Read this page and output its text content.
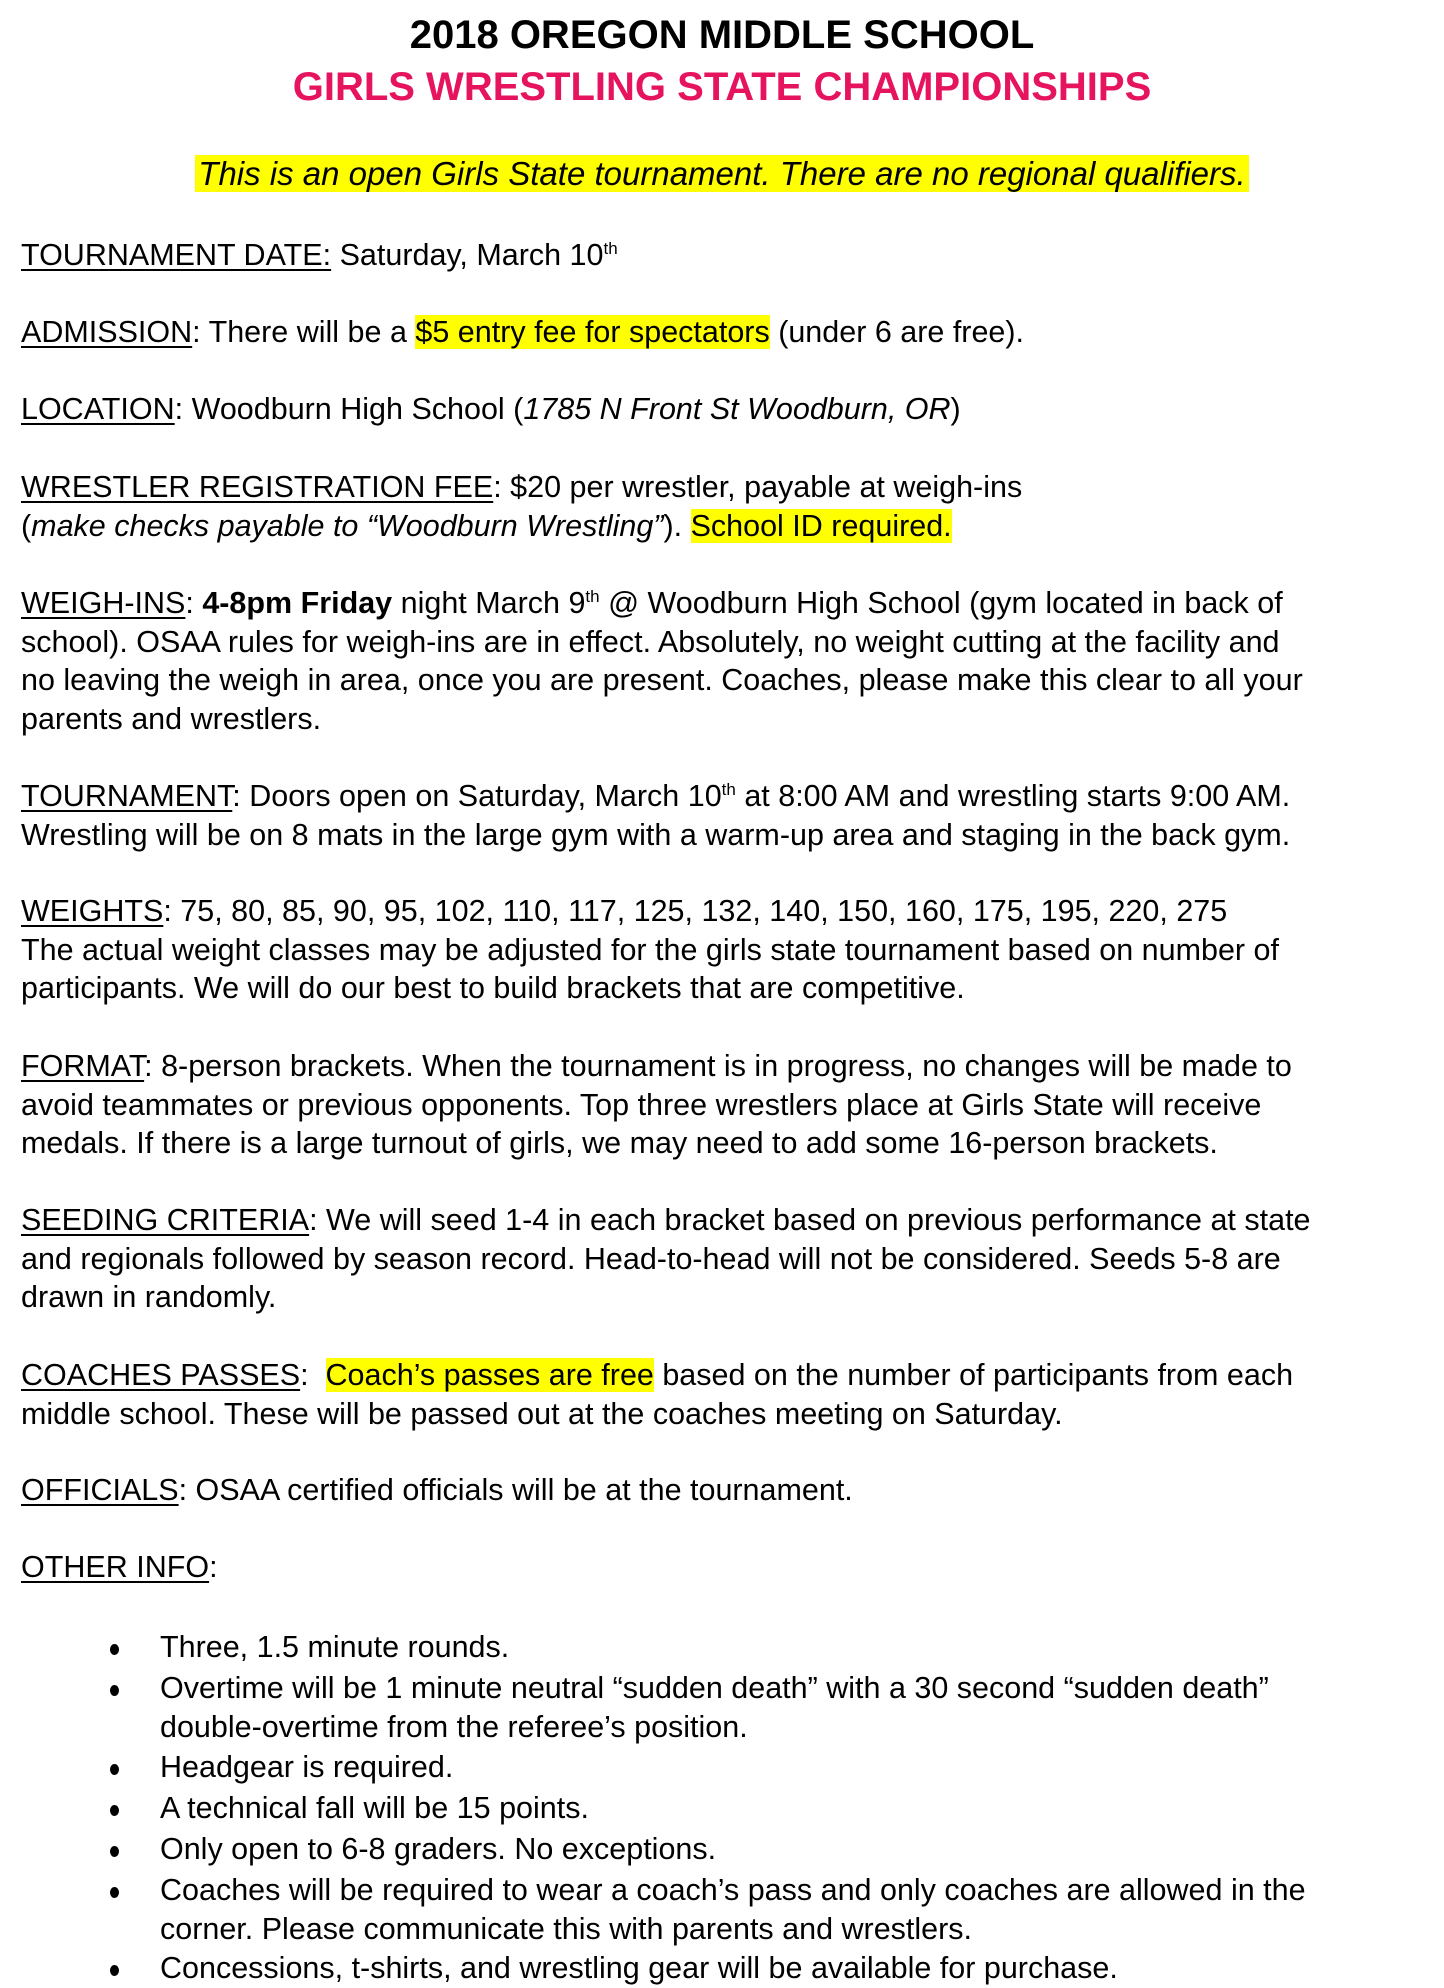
2018 OREGON MIDDLE SCHOOL
GIRLS WRESTLING STATE CHAMPIONSHIPS
This is an open Girls State tournament. There are no regional qualifiers.
TOURNAMENT DATE: Saturday, March 10th
ADMISSION: There will be a $5 entry fee for spectators (under 6 are free).
LOCATION: Woodburn High School (1785 N Front St Woodburn, OR)
WRESTLER REGISTRATION FEE: $20 per wrestler, payable at weigh-ins
(make checks payable to “Woodburn Wrestling”). School ID required.
WEIGH-INS: 4-8pm Friday night March 9th @ Woodburn High School (gym located in back of
school). OSAA rules for weigh-ins are in effect. Absolutely, no weight cutting at the facility and
no leaving the weigh in area, once you are present. Coaches, please make this clear to all your
parents and wrestlers.
TOURNAMENT: Doors open on Saturday, March 10th at 8:00 AM and wrestling starts 9:00 AM.
Wrestling will be on 8 mats in the large gym with a warm-up area and staging in the back gym.
WEIGHTS: 75, 80, 85, 90, 95, 102, 110, 117, 125, 132, 140, 150, 160, 175, 195, 220, 275
The actual weight classes may be adjusted for the girls state tournament based on number of
participants. We will do our best to build brackets that are competitive.
FORMAT: 8-person brackets. When the tournament is in progress, no changes will be made to
avoid teammates or previous opponents. Top three wrestlers place at Girls State will receive
medals. If there is a large turnout of girls, we may need to add some 16-person brackets.
SEEDING CRITERIA: We will seed 1-4 in each bracket based on previous performance at state
and regionals followed by season record. Head-to-head will not be considered. Seeds 5-8 are
drawn in randomly.
COACHES PASSES:  Coach’s passes are free based on the number of participants from each
middle school. These will be passed out at the coaches meeting on Saturday.
OFFICIALS: OSAA certified officials will be at the tournament.
OTHER INFO:
Three, 1.5 minute rounds.
Overtime will be 1 minute neutral “sudden death” with a 30 second “sudden death”
double-overtime from the referee’s position.
Headgear is required.
A technical fall will be 15 points.
Only open to 6-8 graders. No exceptions.
Coaches will be required to wear a coach’s pass and only coaches are allowed in the
corner. Please communicate this with parents and wrestlers.
Concessions, t-shirts, and wrestling gear will be available for purchase.
